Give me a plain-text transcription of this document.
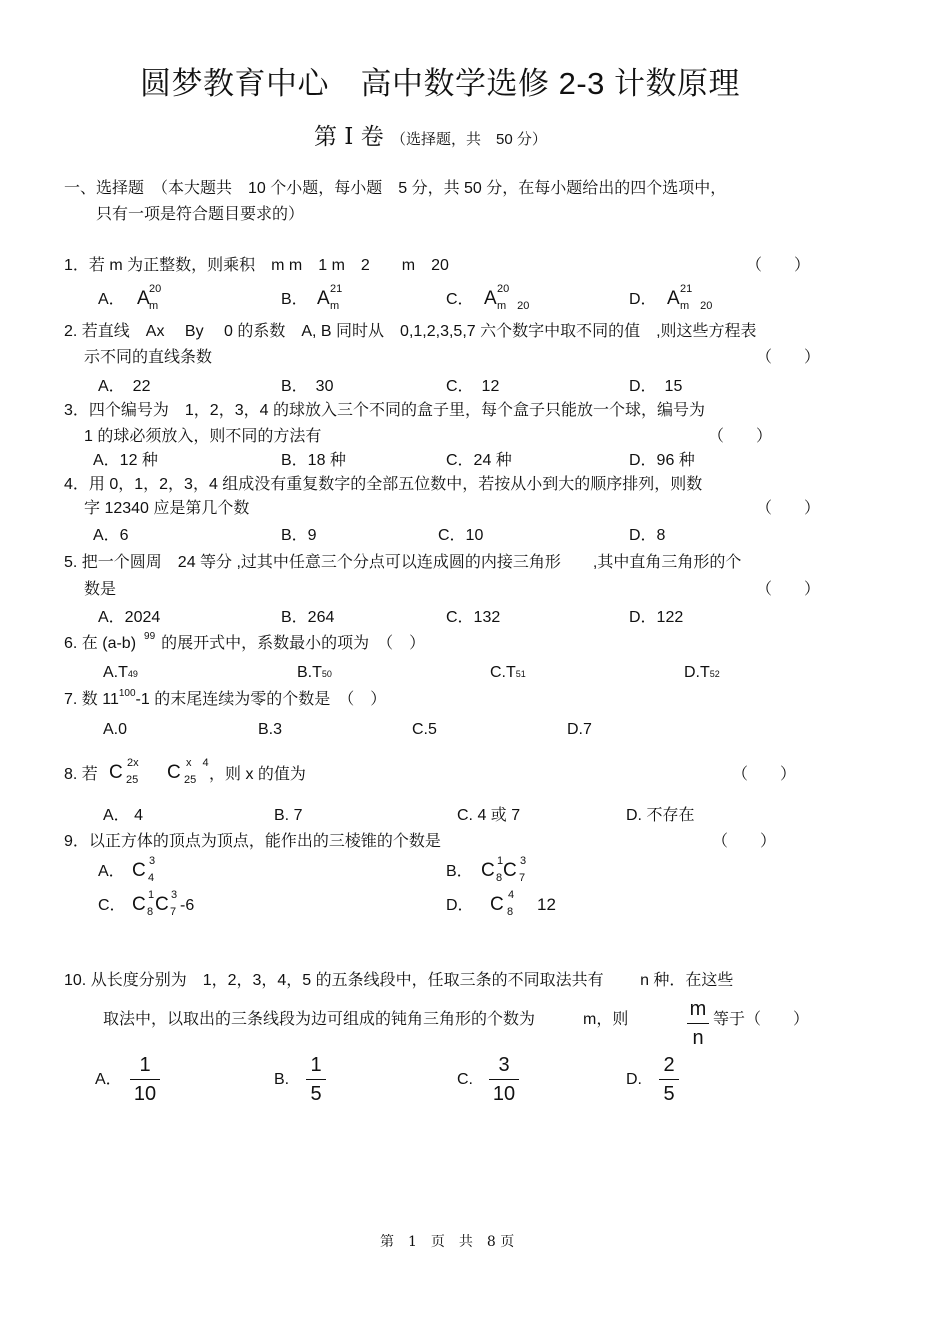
圆梦教育中心　高中数学选修 2-3 计数原理
第 I 卷 （选择题，共　50 分）
一、选择题　（本大题共　10 个小题，每小题　5 分，共 50 分，在每小题给出的四个选项中，
只有一项是符合题目要求的）
1．若 m 为正整数，则乘积　m m　1 m　2　　m　20	（　　）
A． A 20
m	B． A 21
m	C． A 20
m　20	D． A 21
m　20
2. 若直线　Ax　 By　 0 的系数　A, B 同时从　0,1,2,3,5,7 六个数字中取不同的值　,则这些方程表
示不同的直线条数	（　　）
A．　22	B．　30	C．　12	D．　15
3．四个编号为　1，2，3，4 的球放入三个不同的盒子里，每个盒子只能放一个球，编号为
1 的球必须放入，则不同的方法有	（　　）
A．12 种	B．18 种	C．24 种	D．96 种
4．用 0，1，2，3，4 组成没有重复数字的全部五位数中，若按从小到大的顺序排列，则数
字 12340 应是第几个数	（　　）
A．6	B．9	C．10	D．8
5. 把一个圆周　24 等分 ,过其中任意三个分点可以连成圆的内接三角形　　,其中直角三角形的个
数是	（　　）
A．2024	B．264	C．132	D．122
6. 在 (a-b) $^{99}$ 的展开式中，系数最小的项为　（　）
A.T49	B.T50	C.T51	D.T52
7. 数 $11^{100}-1$ 的末尾连续为零的个数是　（　）
A.0	B.3	C.5	D.7
8. 若 C 2x
25 C x　4
25 ，则 x 的值为	（　　）
A． 4	B. 7	C. 4 或 7	D. 不存在
9．以正方体的顶点为顶点，能作出的三棱锥的个数是	（　　）
A． C 3
4	B． C 1
8 C 3
7
C． C 1
8 C 3
7 -6	D． C 4
8 12
10. 从长度分别为　1，2，3，4，5 的五条线段中，任取三条的不同取法共有　　 n 种．在这些
取法中，以取出的三条线段为边可组成的钝角三角形的个数为　　　m，则	m
n
等于（　　）
A．
1
10
B.
1
5
C.
3
10
D.
2
5
第　1　页　共　8 页
